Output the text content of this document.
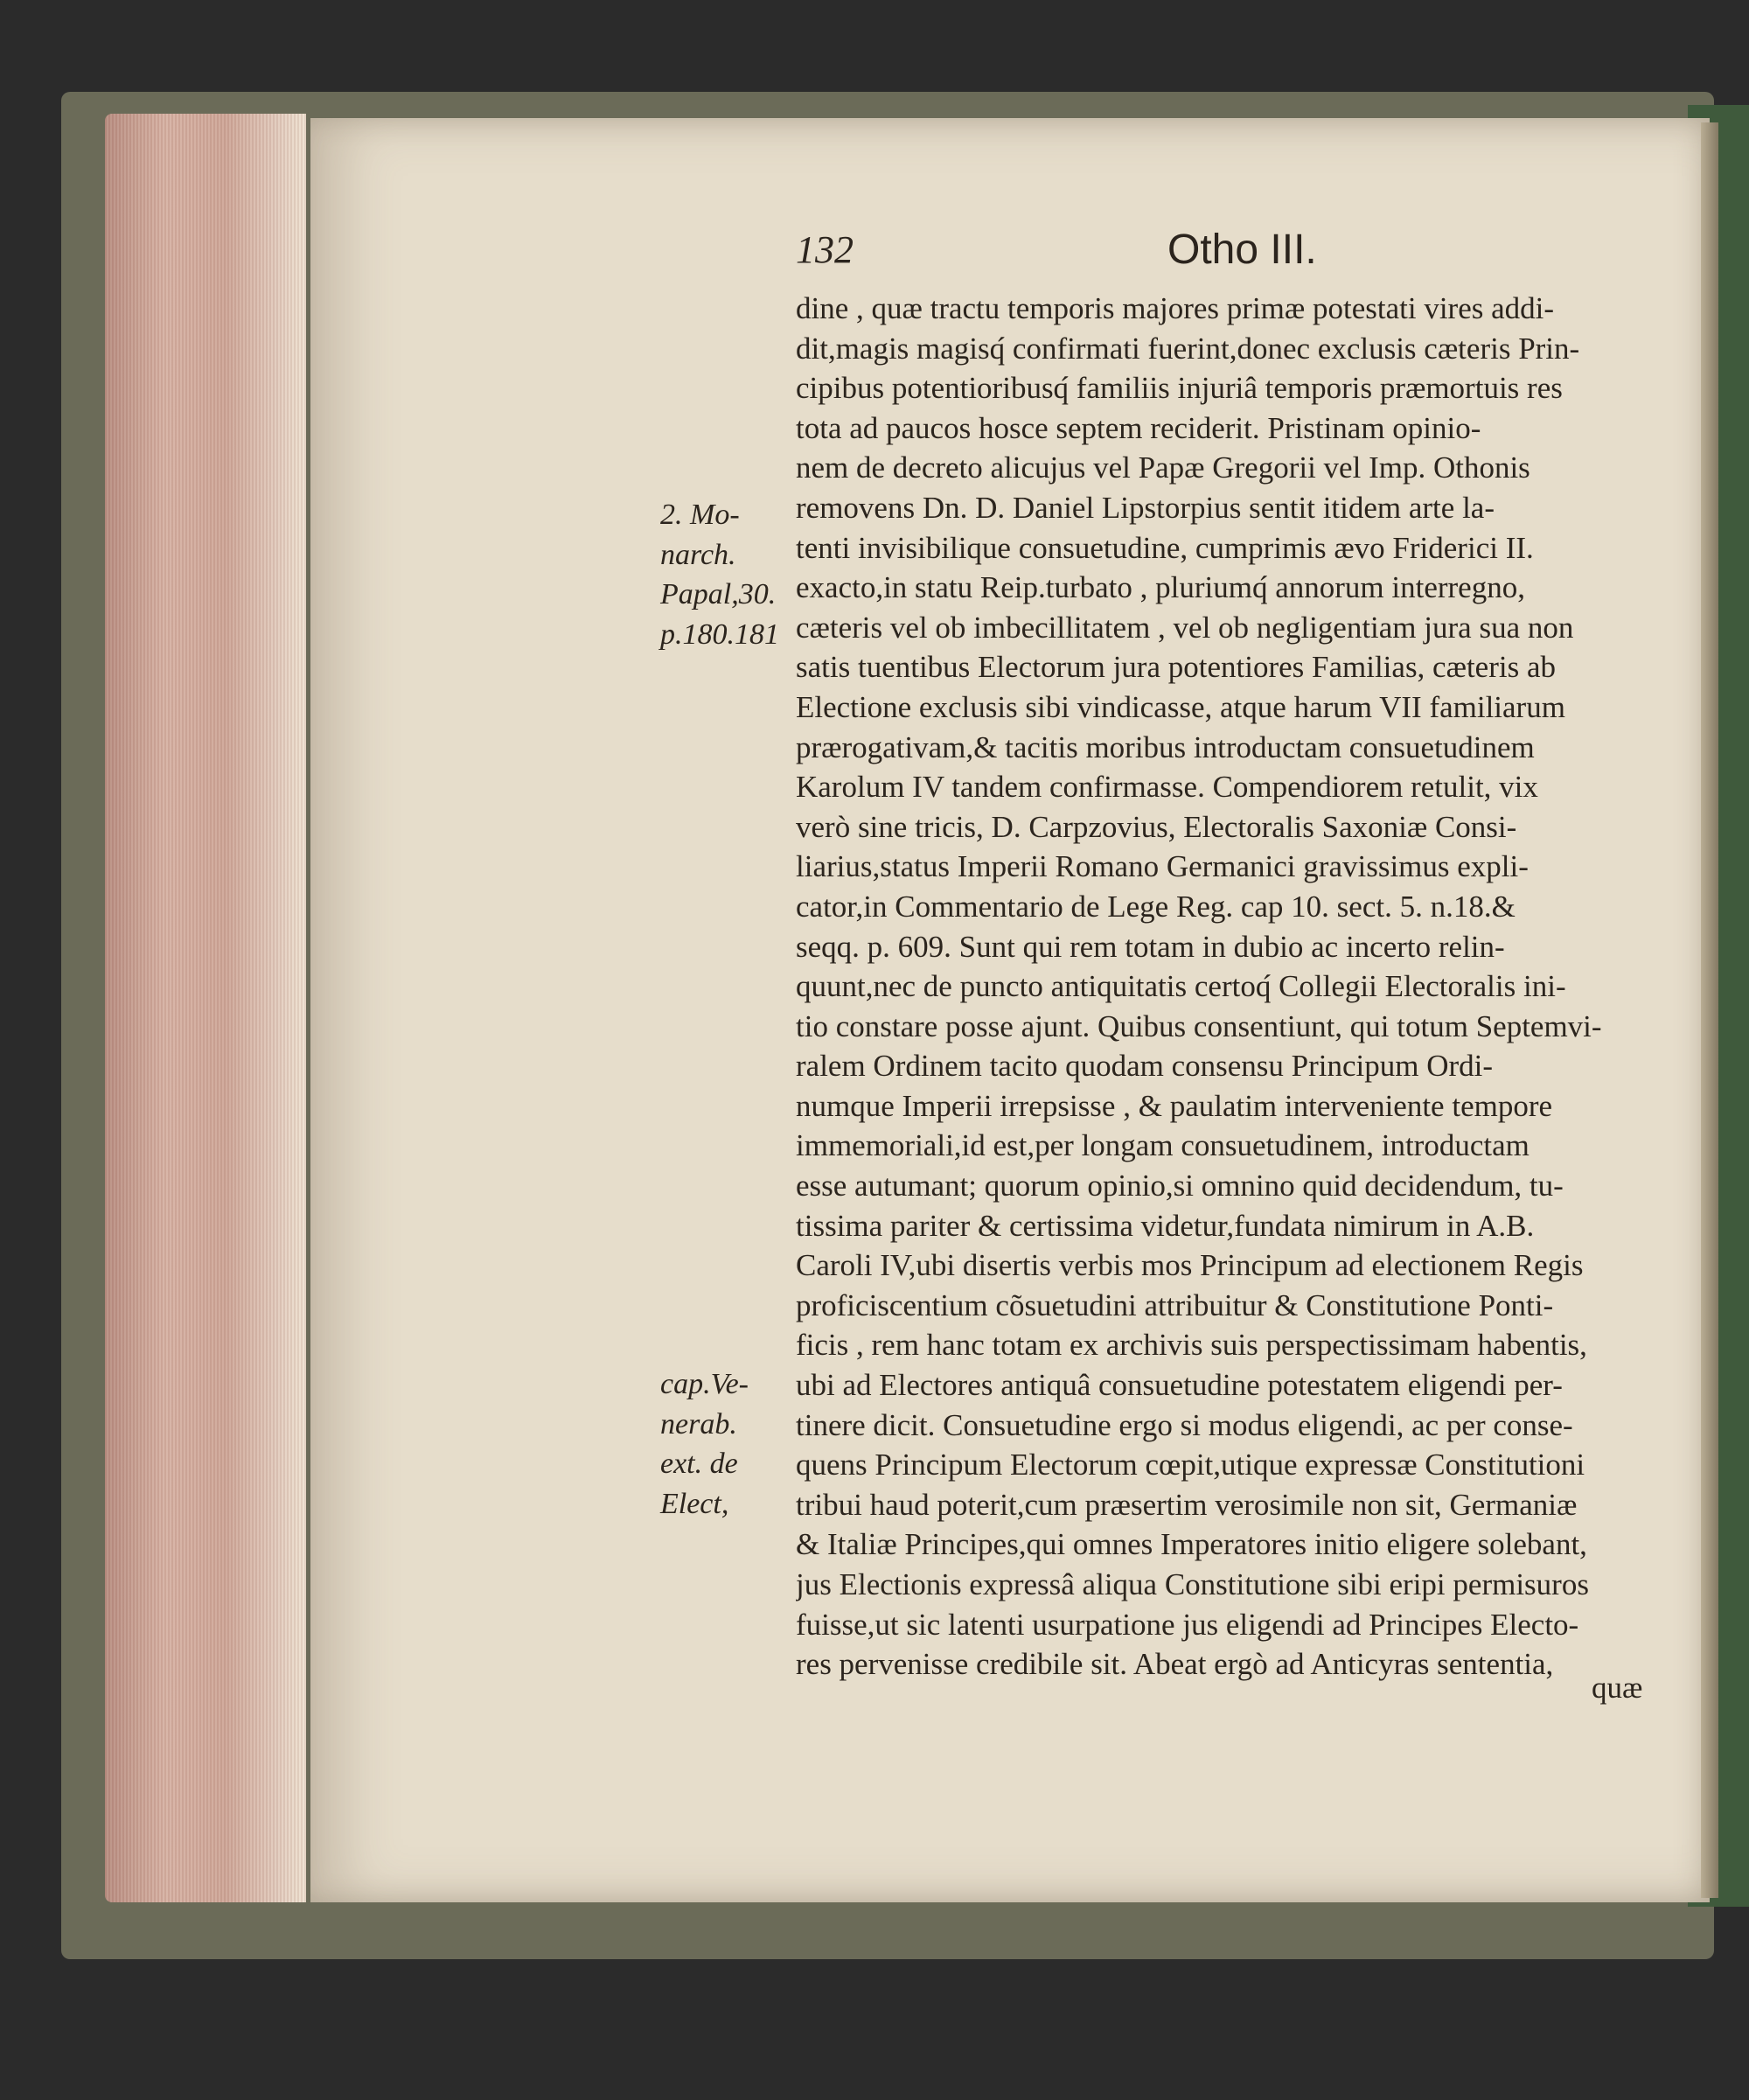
132	Otho III.
dine , quæ tractu temporis majores primæ potestati vires addi-
dit,magis magisq́ confirmati fuerint,donec exclusis cæteris Prin-
cipibus potentioribusq́ familiis injuriâ temporis præmortuis res
tota ad paucos hosce septem reciderit. Pristinam opinio-
nem de decreto alicujus vel Papæ Gregorii vel Imp. Othonis
removens Dn. D. Daniel Lipstorpius sentit itidem arte la-
tenti invisibilique consuetudine, cumprimis ævo Friderici II.
exacto,in statu Reip.turbato , pluriumq́ annorum interregno,
cæteris vel ob imbecillitatem , vel ob negligentiam jura sua non
satis tuentibus Electorum jura potentiores Familias, cæteris ab
Electione exclusis sibi vindicasse, atque harum VII familiarum
prærogativam,& tacitis moribus introductam consuetudinem
Karolum IV tandem confirmasse. Compendiorem retulit, vix
verò sine tricis, D. Carpzovius, Electoralis Saxoniæ Consi-
liarius,status Imperii Romano Germanici gravissimus expli-
cator,in Commentario de Lege Reg. cap 10. sect. 5. n.18.&
seqq. p. 609. Sunt qui rem totam in dubio ac incerto relin-
quunt,nec de puncto antiquitatis certoq́ Collegii Electoralis ini-
tio constare posse ajunt. Quibus consentiunt, qui totum Septemvi-
ralem Ordinem tacito quodam consensu Principum Ordi-
numque Imperii irrepsisse , & paulatim interveniente tempore
immemoriali,id est,per longam consuetudinem, introductam
esse autumant; quorum opinio,si omnino quid decidendum, tu-
tissima pariter & certissima videtur,fundata nimirum in A.B.
Caroli IV,ubi disertis verbis mos Principum ad electionem Regis
proficiscentium cõsuetudini attribuitur & Constitutione Ponti-
ficis , rem hanc totam ex archivis suis perspectissimam habentis,
ubi ad Electores antiquâ consuetudine potestatem eligendi per-
tinere dicit. Consuetudine ergo si modus eligendi, ac per conse-
quens Principum Electorum cœpit,utique expressæ Constitutioni
tribui haud poterit,cum præsertim verosimile non sit, Germaniæ
& Italiæ Principes,qui omnes Imperatores initio eligere solebant,
jus Electionis expressâ aliqua Constitutione sibi eripi permisuros
fuisse,ut sic latenti usurpatione jus eligendi ad Principes Electo-
res pervenisse credibile sit. Abeat ergò ad Anticyras sententia,
quæ
2. Mo-
narch.
Papal,30.
p.180.181
cap.Ve-
nerab.
ext. de
Elect,
